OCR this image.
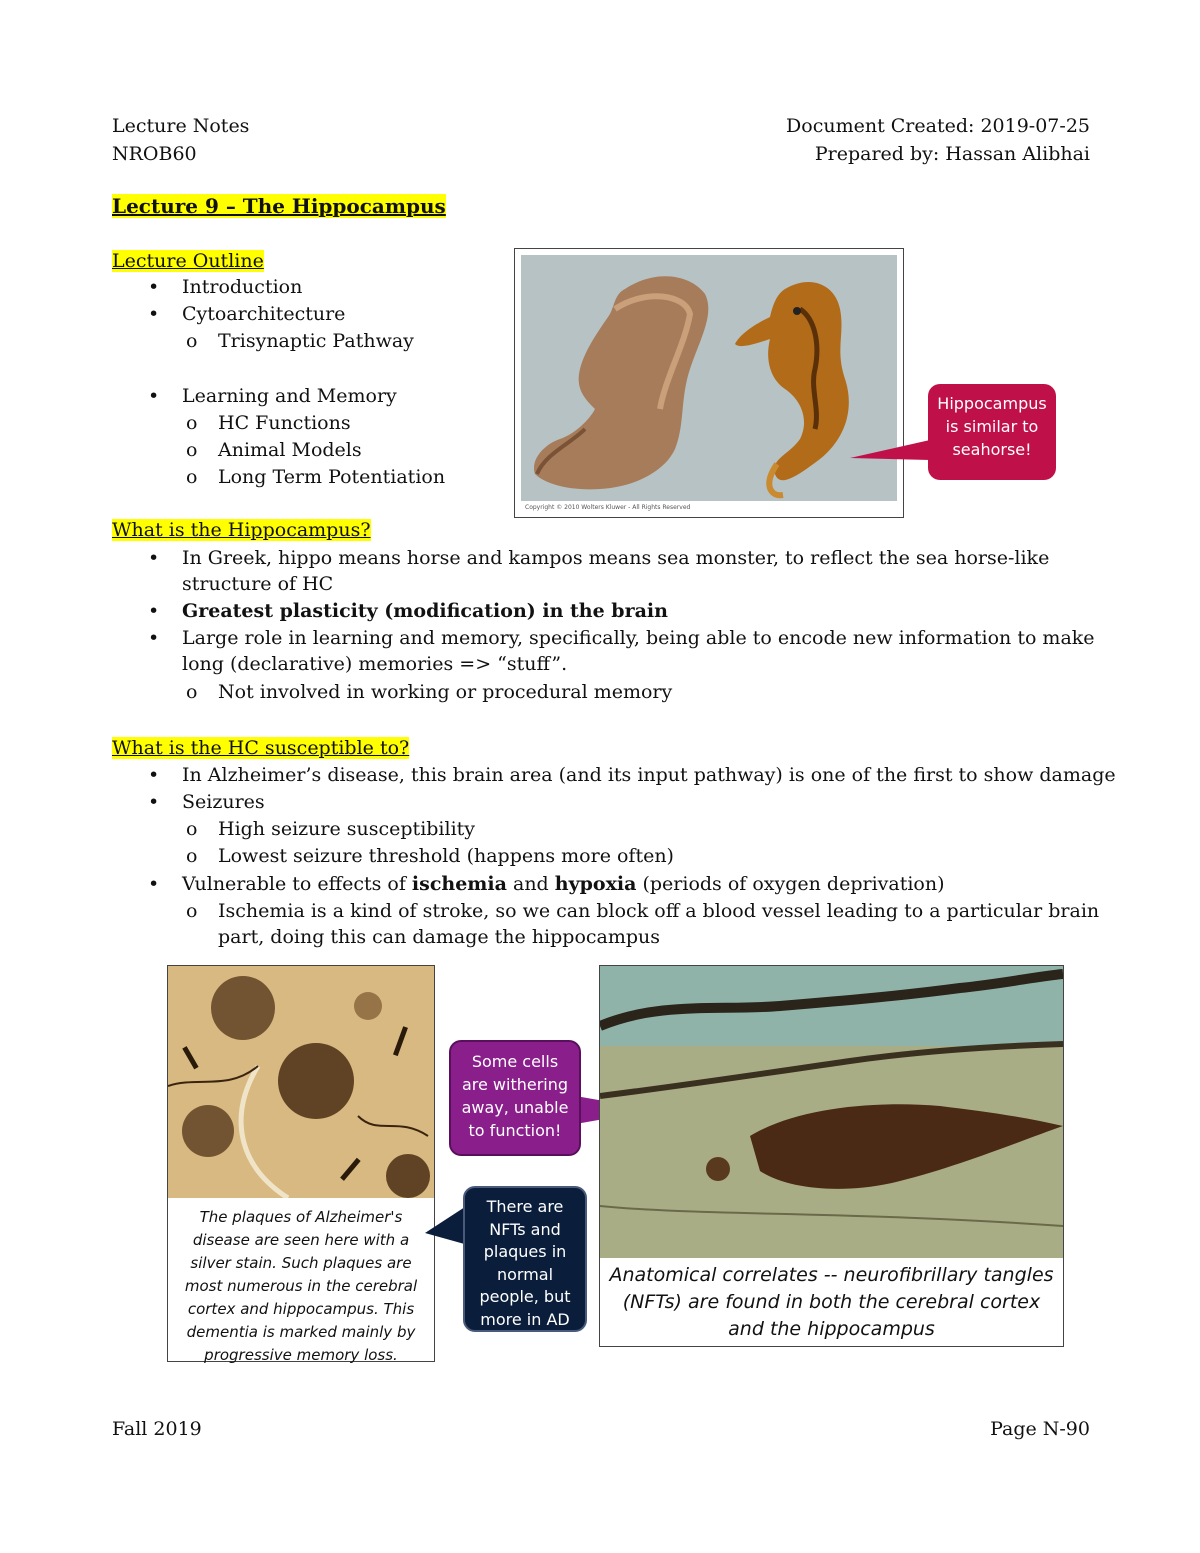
Lecture Notes
NROB60
Document Created: 2019-07-25
Prepared by: Hassan Alibhai
Lecture 9 – The Hippocampus
Lecture Outline
• Introduction
• Cytoarchitecture
o Trisynaptic Pathway
• Learning and Memory
o HC Functions
o Animal Models
o Long Term Potentiation
Copyright © 2010 Wolters Kluwer - All Rights Reserved
Hippocampus is similar to seahorse!
What is the Hippocampus?
• In Greek, hippo means horse and kampos means sea monster, to reflect the sea horse-like
structure of HC
• Greatest plasticity (modification) in the brain
• Large role in learning and memory, specifically, being able to encode new information to make
long (declarative) memories => “stuff”.
o Not involved in working or procedural memory
What is the HC susceptible to?
• In Alzheimer’s disease, this brain area (and its input pathway) is one of the first to show damage
• Seizures
o High seizure susceptibility
o Lowest seizure threshold (happens more often)
• Vulnerable to effects of ischemia and hypoxia (periods of oxygen deprivation)
o Ischemia is a kind of stroke, so we can block off a blood vessel leading to a particular brain
part, doing this can damage the hippocampus
The plaques of Alzheimer's disease are seen here with a silver stain. Such plaques are most numerous in the cerebral cortex and hippocampus. This dementia is marked mainly by progressive memory loss.
Some cells are withering away, unable to function!
There are NFTs and plaques in normal people, but more in AD
Anatomical correlates -- neurofibrillary tangles (NFTs) are found in both the cerebral cortex and the hippocampus
Fall 2019	Page N-90
